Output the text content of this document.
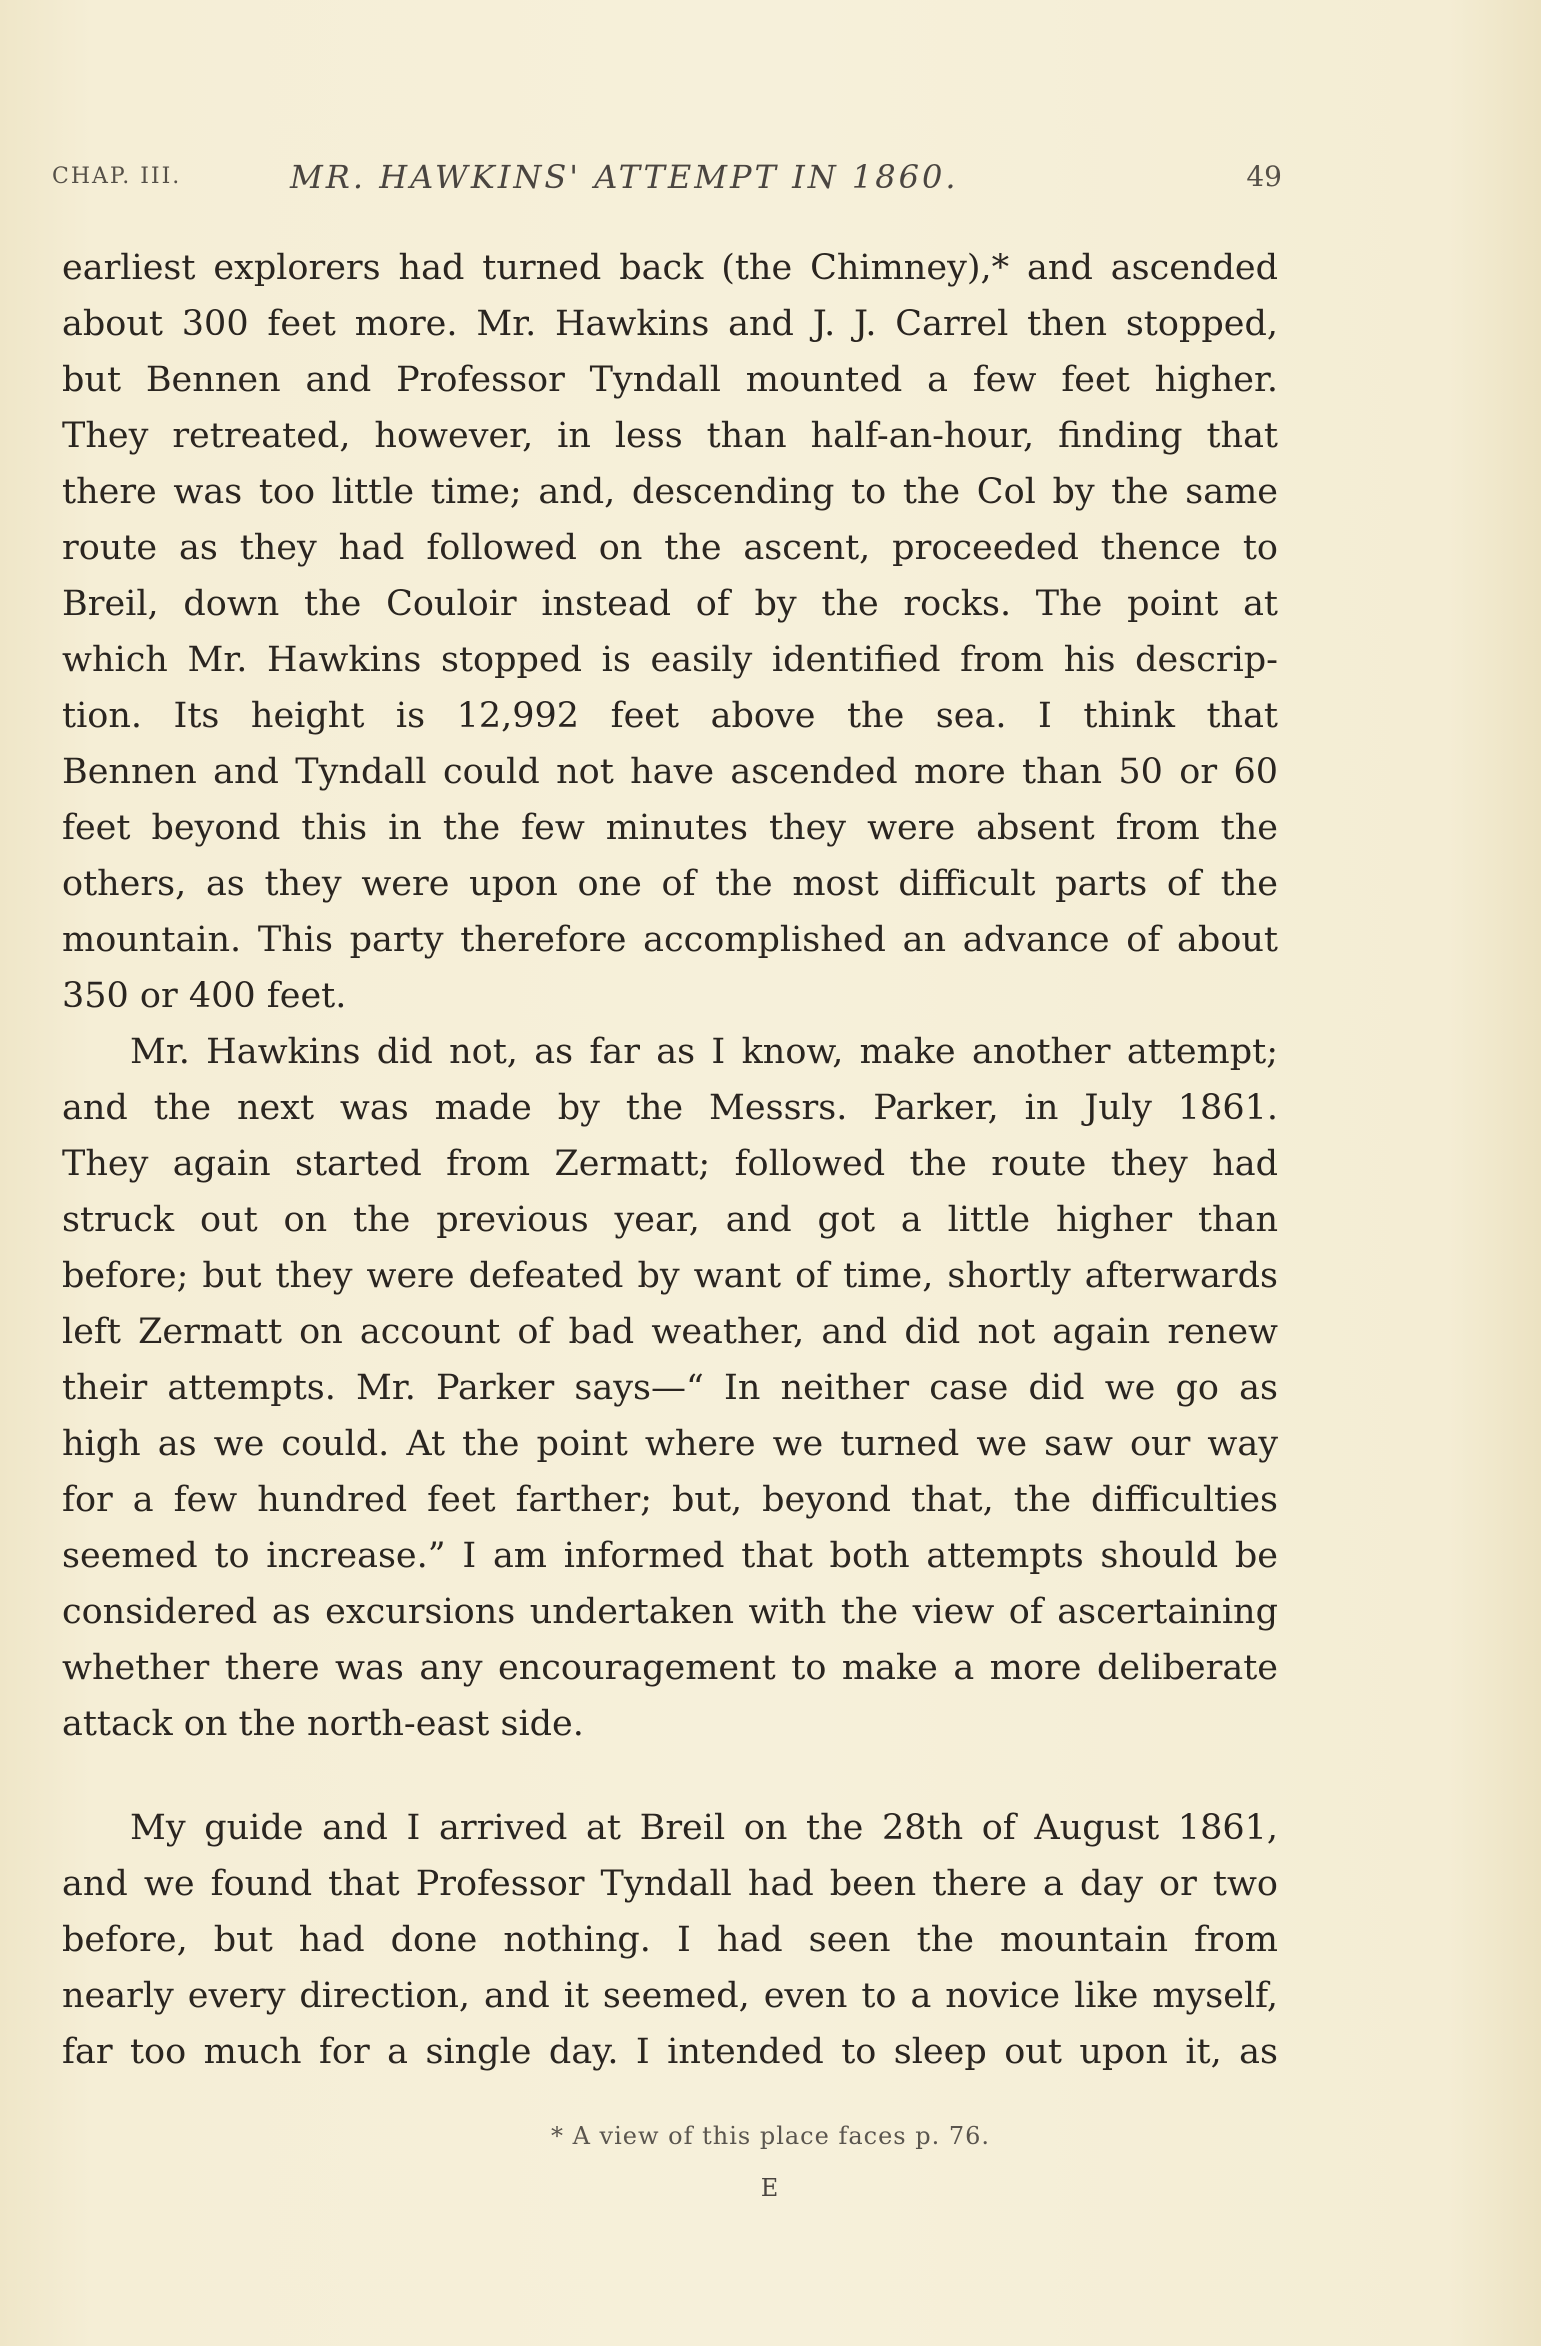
CHAP. III.	MR. HAWKINS' ATTEMPT IN 1860.	49
earliest explorers had turned back (the Chimney),* and ascended
about 300 feet more. Mr. Hawkins and J. J. Carrel then stopped,
but Bennen and Professor Tyndall mounted a few feet higher.
They retreated, however, in less than half-an-hour, finding that
there was too little time; and, descending to the Col by the same
route as they had followed on the ascent, proceeded thence to
Breil, down the Couloir instead of by the rocks. The point at
which Mr. Hawkins stopped is easily identified from his descrip-
tion. Its height is 12,992 feet above the sea. I think that
Bennen and Tyndall could not have ascended more than 50 or 60
feet beyond this in the few minutes they were absent from the
others, as they were upon one of the most difficult parts of the
mountain. This party therefore accomplished an advance of about
350 or 400 feet.
Mr. Hawkins did not, as far as I know, make another attempt;
and the next was made by the Messrs. Parker, in July 1861.
They again started from Zermatt; followed the route they had
struck out on the previous year, and got a little higher than
before; but they were defeated by want of time, shortly afterwards
left Zermatt on account of bad weather, and did not again renew
their attempts. Mr. Parker says—“ In neither case did we go as
high as we could. At the point where we turned we saw our way
for a few hundred feet farther; but, beyond that, the difficulties
seemed to increase.” I am informed that both attempts should be
considered as excursions undertaken with the view of ascertaining
whether there was any encouragement to make a more deliberate
attack on the north-east side.
My guide and I arrived at Breil on the 28th of August 1861,
and we found that Professor Tyndall had been there a day or two
before, but had done nothing. I had seen the mountain from
nearly every direction, and it seemed, even to a novice like myself,
far too much for a single day. I intended to sleep out upon it, as
* A view of this place faces p. 76.
E
